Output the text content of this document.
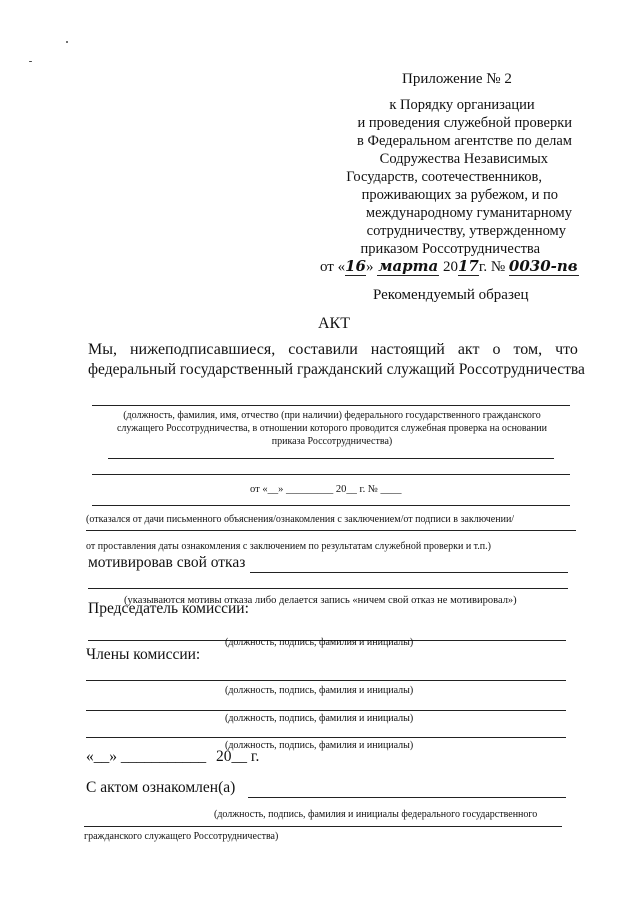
Приложение № 2
к Порядку организации
и проведения служебной проверки
в Федеральном агентстве по делам
Содружества Независимых
Государств, соотечественников,
проживающих за рубежом, и по
международному гуманитарному
сотрудничеству, утвержденному
приказом Россотрудничества
от «16» марта 2017г. № 0030-пв
Рекомендуемый образец
АКТ
Мы, нижеподписавшиеся, составили настоящий акт о том, что
федеральный государственный гражданский служащий Россотрудничества
(должность, фамилия, имя, отчество (при наличии) федерального государственного гражданского
служащего Россотрудничества, в отношении которого проводится служебная проверка на основании
приказа Россотрудничества)
от «__» _________ 20__ г. № ____
(отказался от дачи письменного объяснения/ознакомления с заключением/от подписи в заключении/
от проставления даты ознакомления с заключением по результатам служебной проверки и т.п.)
мотивировав свой отказ
(указываются мотивы отказа либо делается запись «ничем свой отказ не мотивировал»)
Председатель комиссии:
(должность, подпись, фамилия и инициалы)
Члены комиссии:
(должность, подпись, фамилия и инициалы)
(должность, подпись, фамилия и инициалы)
(должность, подпись, фамилия и инициалы)
«__» ___________ 20__ г.
С актом ознакомлен(а)
(должность, подпись, фамилия и инициалы федерального государственного
гражданского служащего Россотрудничества)
